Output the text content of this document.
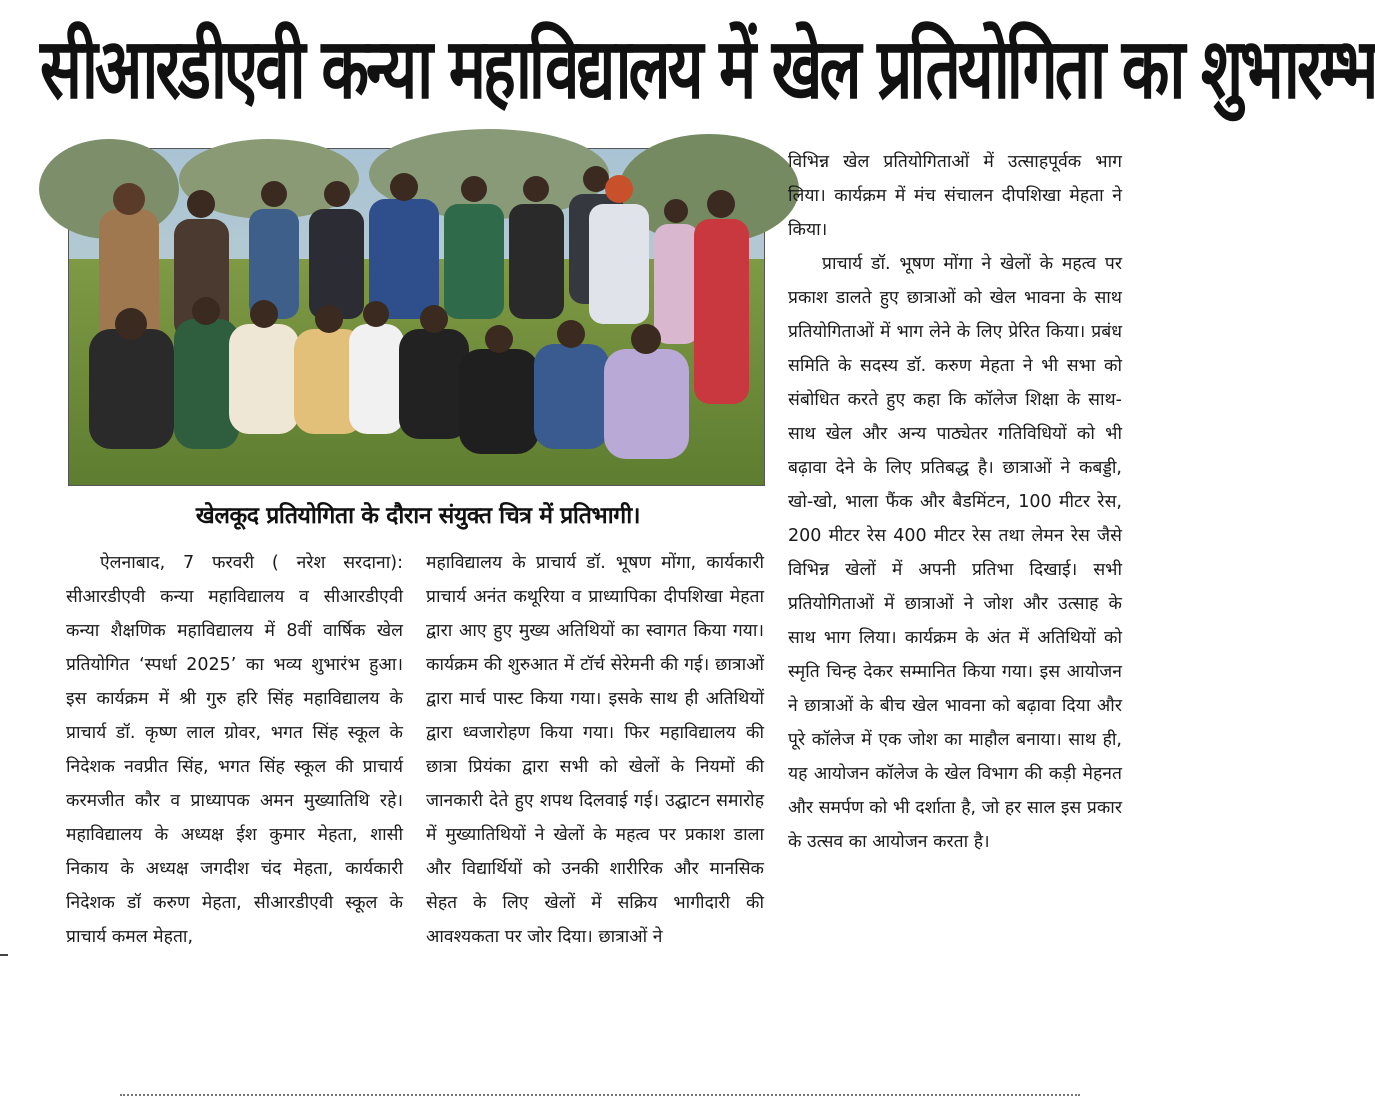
सीआरडीएवी कन्या महाविद्यालय में खेल प्रतियोगिता का शुभारम्भ
खेलकूद प्रतियोगिता के दौरान संयुक्त चित्र में प्रतिभागी।

ऐलनाबाद, 7 फरवरी ( नरेश सरदाना): सीआरडीएवी कन्या महाविद्यालय व सीआरडीएवी कन्या शैक्षणिक महाविद्यालय में 8वीं वार्षिक खेल प्रतियोगित ‘स्पर्धा 2025’ का भव्य शुभारंभ हुआ। इस कार्यक्रम में श्री गुरु हरि सिंह महाविद्यालय के प्राचार्य डॉ. कृष्ण लाल ग्रोवर, भगत सिंह स्कूल के निदेशक नवप्रीत सिंह, भगत सिंह स्कूल की प्राचार्य करमजीत कौर व प्राध्यापक अमन मुख्यातिथि रहे। महाविद्यालय के अध्यक्ष ईश कुमार मेहता, शासी निकाय के अध्यक्ष जगदीश चंद मेहता, कार्यकारी निदेशक डॉ करुण मेहता, सीआरडीएवी स्कूल के प्राचार्य कमल मेहता,

महाविद्यालय के प्राचार्य डॉ. भूषण मोंगा, कार्यकारी प्राचार्य अनंत कथूरिया व प्राध्यापिका दीपशिखा मेहता द्वारा आए हुए मुख्य अतिथियों का स्वागत किया गया। कार्यक्रम की शुरुआत में टॉर्च सेरेमनी की गई। छात्राओं द्वारा मार्च पास्ट किया गया। इसके साथ ही अतिथियों द्वारा ध्वजारोहण किया गया। फिर महाविद्यालय की छात्रा प्रियंका द्वारा सभी को खेलों के नियमों की जानकारी देते हुए शपथ दिलवाई गई। उद्घाटन समारोह में मुख्यातिथियों ने खेलों के महत्व पर प्रकाश डाला और विद्यार्थियों को उनकी शारीरिक और मानसिक सेहत के लिए खेलों में सक्रिय भागीदारी की आवश्यकता पर जोर दिया। छात्राओं ने

विभिन्न खेल प्रतियोगिताओं में उत्साहपूर्वक भाग लिया। कार्यक्रम में मंच संचालन दीपशिखा मेहता ने किया।

प्राचार्य डॉ. भूषण मोंगा ने खेलों के महत्व पर प्रकाश डालते हुए छात्राओं को खेल भावना के साथ प्रतियोगिताओं में भाग लेने के लिए प्रेरित किया। प्रबंध समिति के सदस्य डॉ. करुण मेहता ने भी सभा को संबोधित करते हुए कहा कि कॉलेज शिक्षा के साथ-साथ खेल और अन्य पाठ्येतर गतिविधियों को भी बढ़ावा देने के लिए प्रतिबद्ध है। छात्राओं ने कबड्डी, खो-खो, भाला फैंक और बैडमिंटन, 100 मीटर रेस, 200 मीटर रेस 400 मीटर रेस तथा लेमन रेस जैसे विभिन्न खेलों में अपनी प्रतिभा दिखाई। सभी प्रतियोगिताओं में छात्राओं ने जोश और उत्साह के साथ भाग लिया। कार्यक्रम के अंत में अतिथियों को स्मृति चिन्ह देकर सम्मानित किया गया। इस आयोजन ने छात्राओं के बीच खेल भावना को बढ़ावा दिया और पूरे कॉलेज में एक जोश का माहौल बनाया। साथ ही, यह आयोजन कॉलेज के खेल विभाग की कड़ी मेहनत और समर्पण को भी दर्शाता है, जो हर साल इस प्रकार के उत्सव का आयोजन करता है।
